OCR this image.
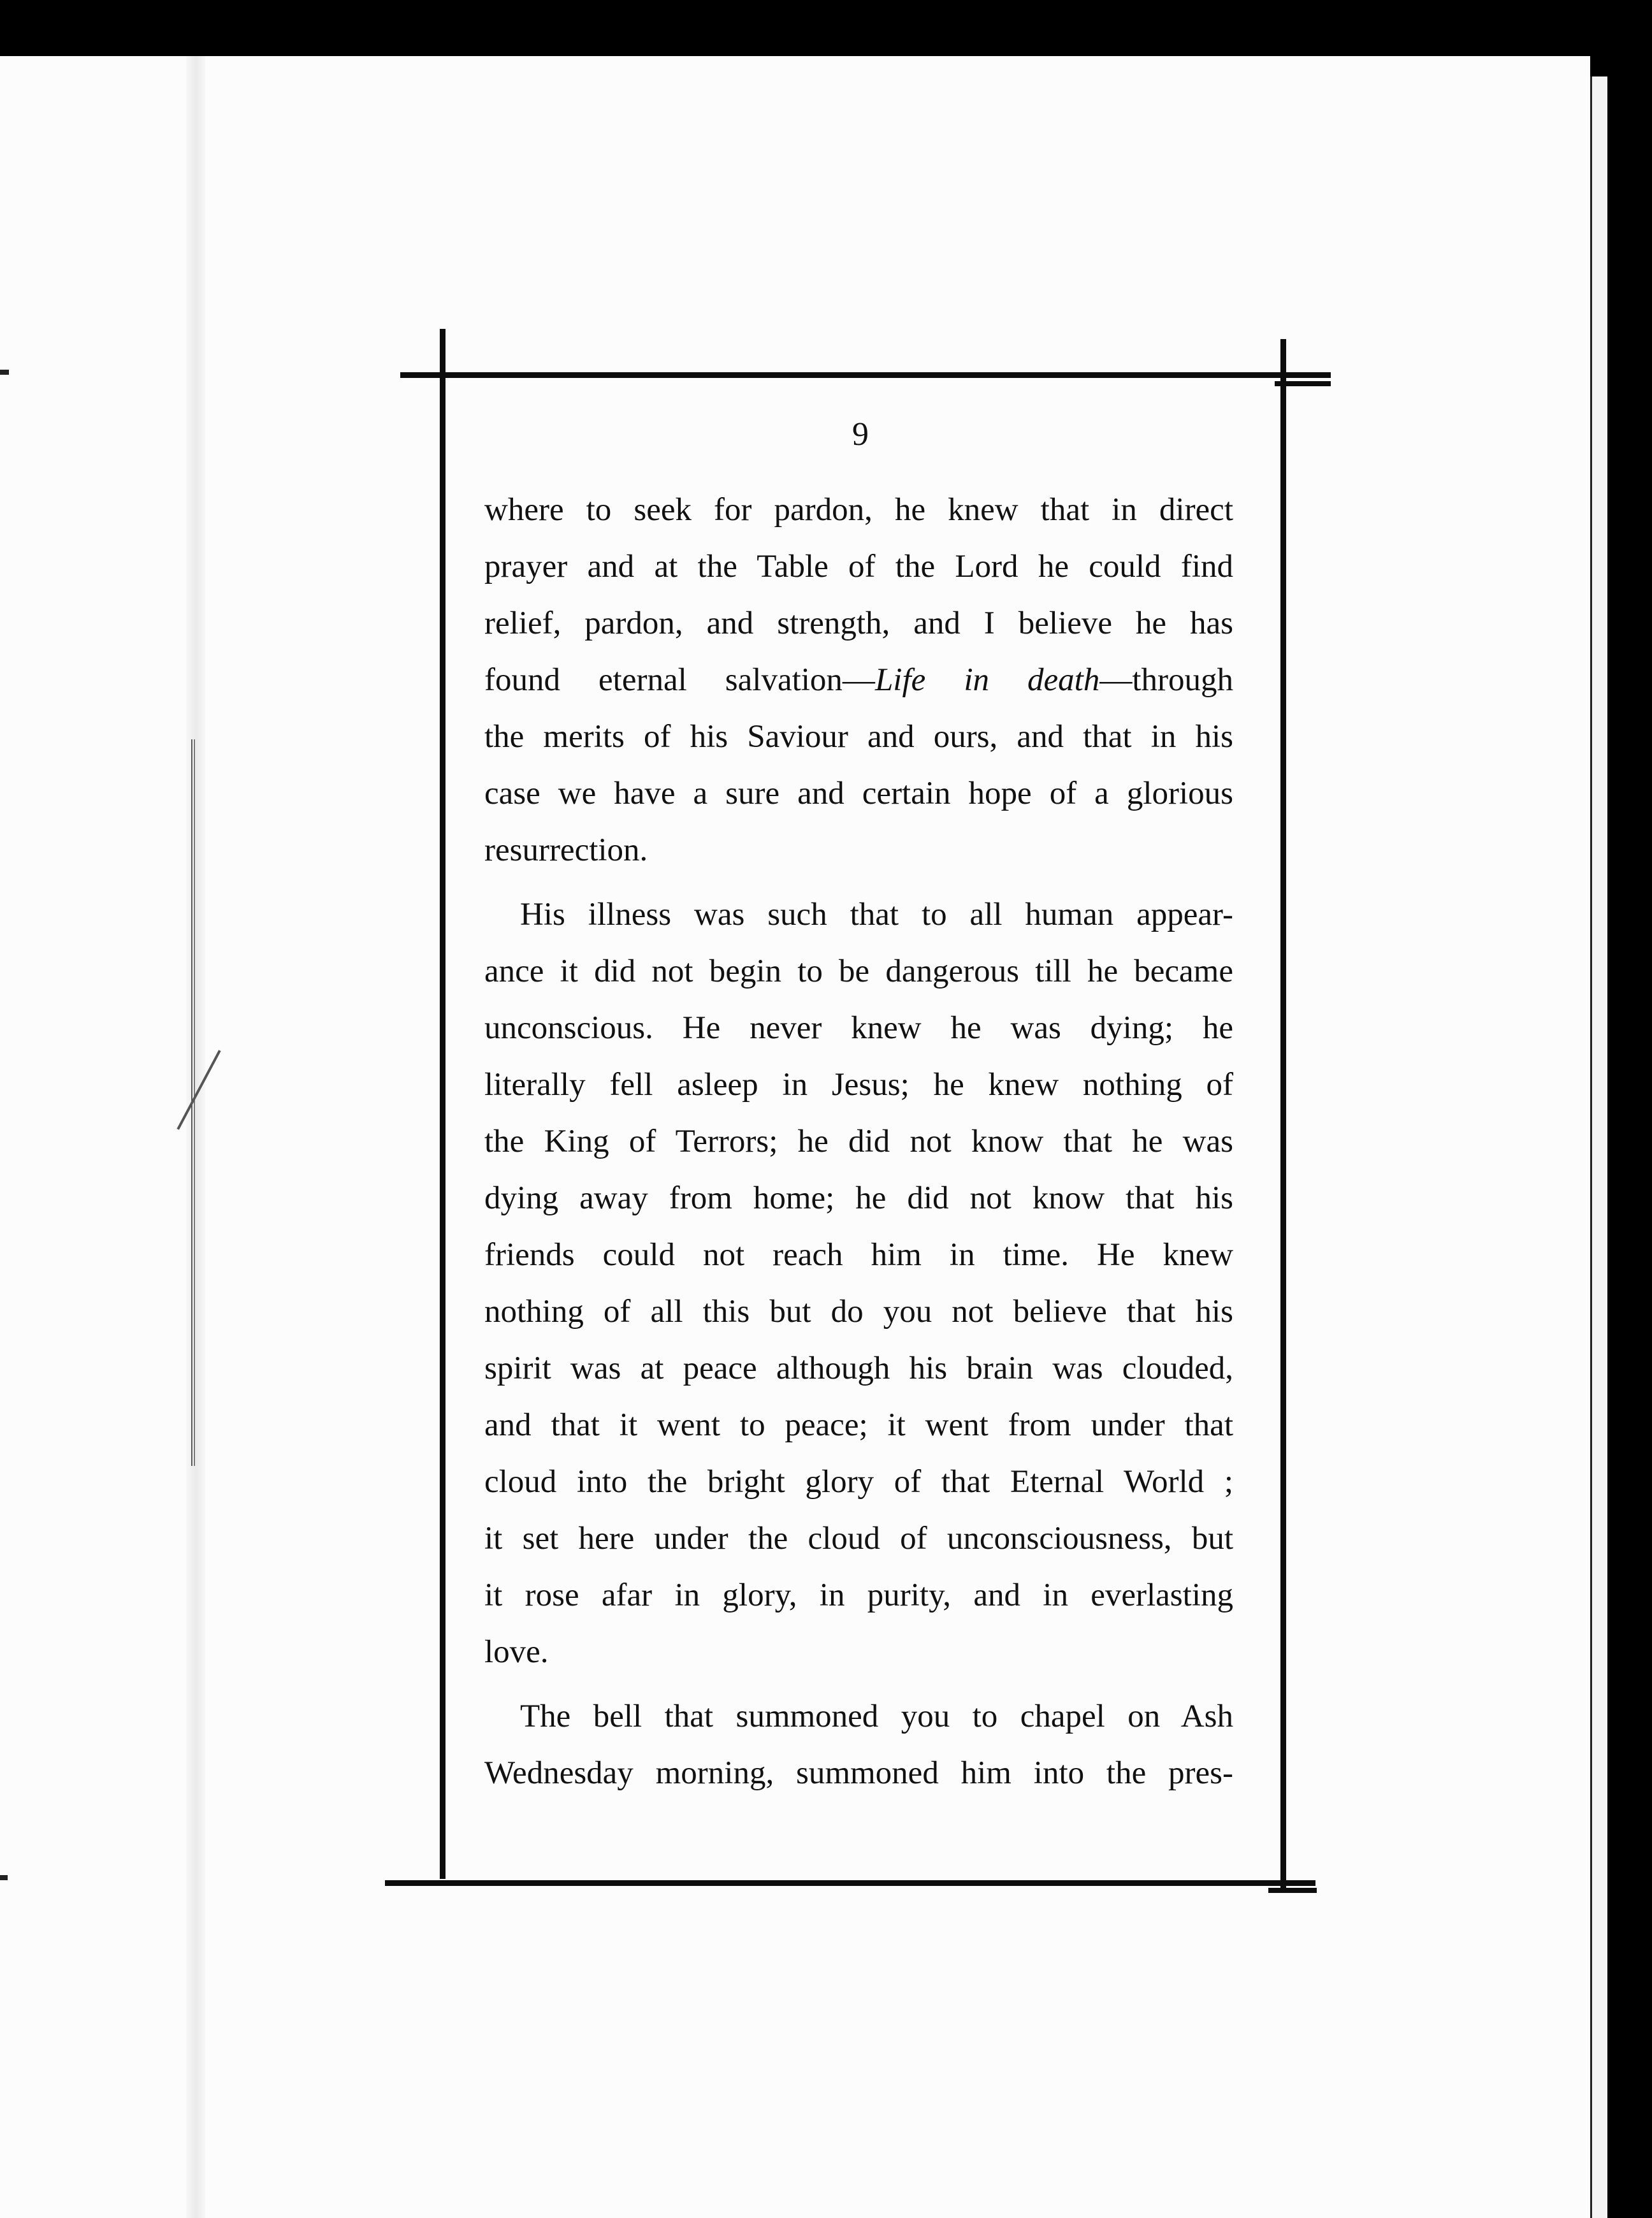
9

where to seek for pardon, he knew that in direct
prayer and at the Table of the Lord he could find
relief, pardon, and strength, and I believe he has
found eternal salvation—Life in death—through
the merits of his Saviour and ours, and that in his
case we have a sure and certain hope of a glorious
resurrection.

His illness was such that to all human appear-
ance it did not begin to be dangerous till he became
unconscious. He never knew he was dying; he
literally fell asleep in Jesus; he knew nothing of
the King of Terrors; he did not know that he was
dying away from home; he did not know that his
friends could not reach him in time. He knew
nothing of all this but do you not believe that his
spirit was at peace although his brain was clouded,
and that it went to peace; it went from under that
cloud into the bright glory of that Eternal World ;
it set here under the cloud of unconsciousness, but
it rose afar in glory, in purity, and in everlasting
love.

The bell that summoned you to chapel on Ash
Wednesday morning, summoned him into the pres-
